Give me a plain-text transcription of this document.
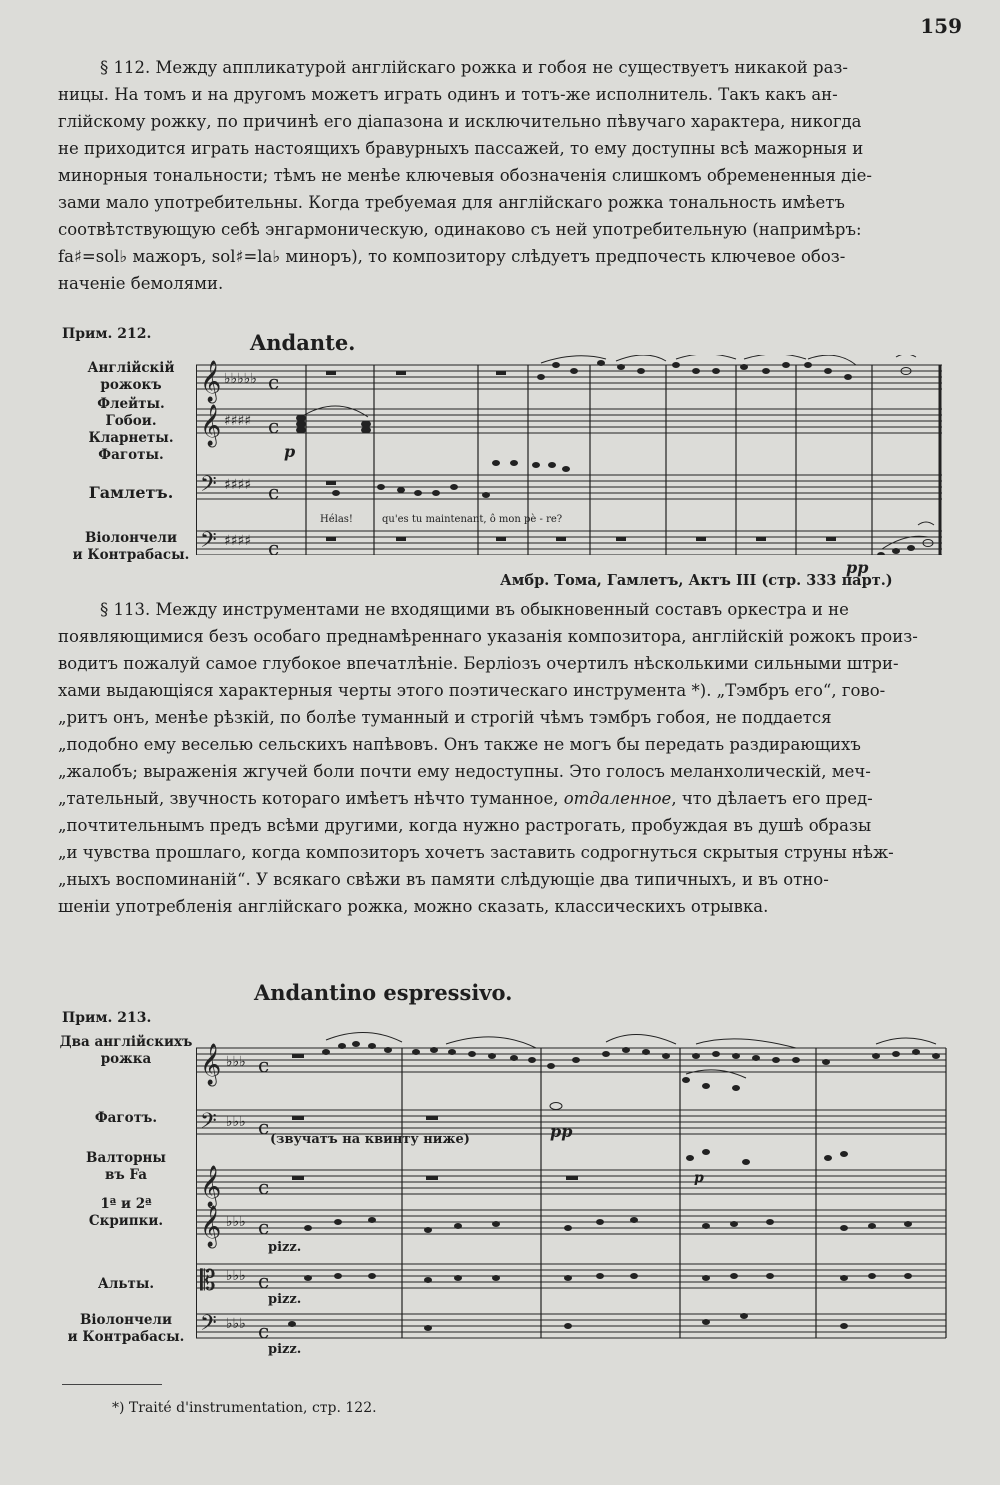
159

§ 112. Между аппликатурой англійскаго рожка и гобоя не существуетъ никакой раз-

ницы. На томъ и на другомъ можетъ играть одинъ и тотъ-же исполнитель. Такъ какъ ан-
глійскому рожку, по причинѣ его діапазона и исключительно пѣвучаго характера, никогда
не приходится играть настоящихъ бравурныхъ пассажей, то ему доступны всѣ мажорныя и
минорныя тональности; тѣмъ не менѣе ключевыя обозначенія слишкомъ обремененныя діе-
зами мало употребительны. Когда требуемая для англійскаго рожка тональность имѣетъ
соотвѣтствующую себѣ энгармоническую, одинаково съ ней употребительную (напримѣръ:
fa♯=sol♭ мажоръ, sol♯=la♭ миноръ), то композитору слѣдуетъ предпочесть ключевое обоз-
наченіе бемолями.
Прим. 212.	Andante.
Англійскій
рожокъ
Флейты.
Гобои.
Кларнеты.
Фаготы.
Гамлетъ.
Віолончели
и Контрабасы.
𝄞 ♭♭♭♭♭ c
𝄞 ♯♯♯♯ c
𝄢 ♯♯♯♯ c
𝄢 ♯♯♯♯ c
p
pp
Hélas!	qu'es tu maintenant, ô mon pè - re?
Амбр. Тома, Гамлетъ, Актъ III (стр. 333 парт.)

§ 113. Между инструментами не входящими въ обыкновенный составъ оркестра и не

появляющимися безъ особаго преднамѣреннаго указанія композитора, англійскій рожокъ произ-
водитъ пожалуй самое глубокое впечатлѣніе. Берліозъ очертилъ нѣсколькими сильными штри-
хами выдающіяся характерныя черты этого поэтическаго инструмента *). „Тэмбръ его“, гово-
„ритъ онъ, менѣе рѣзкій, по болѣе туманный и строгій чѣмъ тэмбръ гобоя, не поддается
„подобно ему веселью сельскихъ напѣвовъ. Онъ также не могъ бы передать раздирающихъ
„жалобъ; выраженія жгучей боли почти ему недоступны. Это голосъ меланхолическій, меч-
„тательный, звучность котораго имѣетъ нѣчто туманное, отдаленное, что дѣлаетъ его пред-
„почтительнымъ предъ всѣми другими, когда нужно растрогать, пробуждая въ душѣ образы
„и чувства прошлаго, когда композиторъ хочетъ заставить содрогнуться скрытыя струны нѣж-
„ныхъ воспоминаній“. У всякаго свѣжи въ памяти слѣдующіе два типичныхъ, и въ отно-
шеніи употребленія англійскаго рожка, можно сказать, классическихъ отрывка.
Andantino espressivo.
Прим. 213.
Два англійскихъ
рожка
Фаготъ.
Валторны
въ Fa
1ª и 2ª
Скрипки.
Альты.
Віолончели
и Контрабасы.
𝄞 ♭♭♭ c
𝄢 ♭♭♭ c
𝄞 c
𝄞 ♭♭♭ c
𝄡 ♭♭♭ c
𝄢 ♭♭♭ c
(звучатъ на квинту ниже)	pp
p
pizz.
pizz.
pizz.
*) Traité d'instrumentation, стр. 122.
